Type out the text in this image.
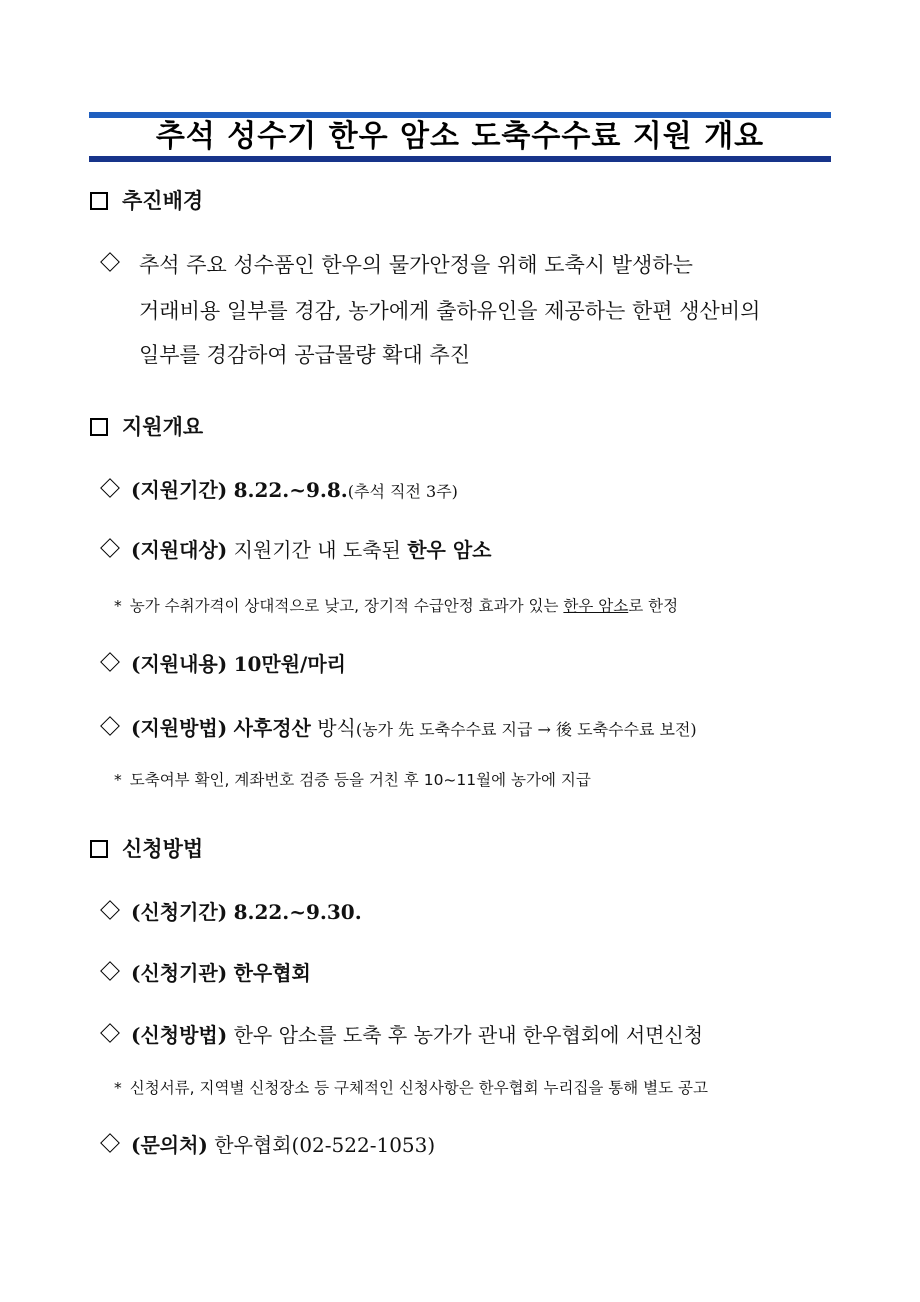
추석 성수기 한우 암소 도축수수료 지원 개요
추진배경
추석 주요 성수품인 한우의 물가안정을 위해 도축시 발생하는
거래비용 일부를 경감, 농가에게 출하유인을 제공하는 한편 생산비의
일부를 경감하여 공급물량 확대 추진
지원개요
(지원기간) 8.22.~9.8.(추석 직전 3주)
(지원대상) 지원기간 내 도축된 한우 암소
* 농가 수취가격이 상대적으로 낮고, 장기적 수급안정 효과가 있는 한우 암소로 한정
(지원내용) 10만원/마리
(지원방법) 사후정산 방식(농가 先 도축수수료 지급 → 後 도축수수료 보전)
* 도축여부 확인, 계좌번호 검증 등을 거친 후 10~11월에 농가에 지급
신청방법
(신청기간) 8.22.~9.30.
(신청기관) 한우협회
(신청방법) 한우 암소를 도축 후 농가가 관내 한우협회에 서면신청
* 신청서류, 지역별 신청장소 등 구체적인 신청사항은 한우협회 누리집을 통해 별도 공고
(문의처) 한우협회(02-522-1053)
